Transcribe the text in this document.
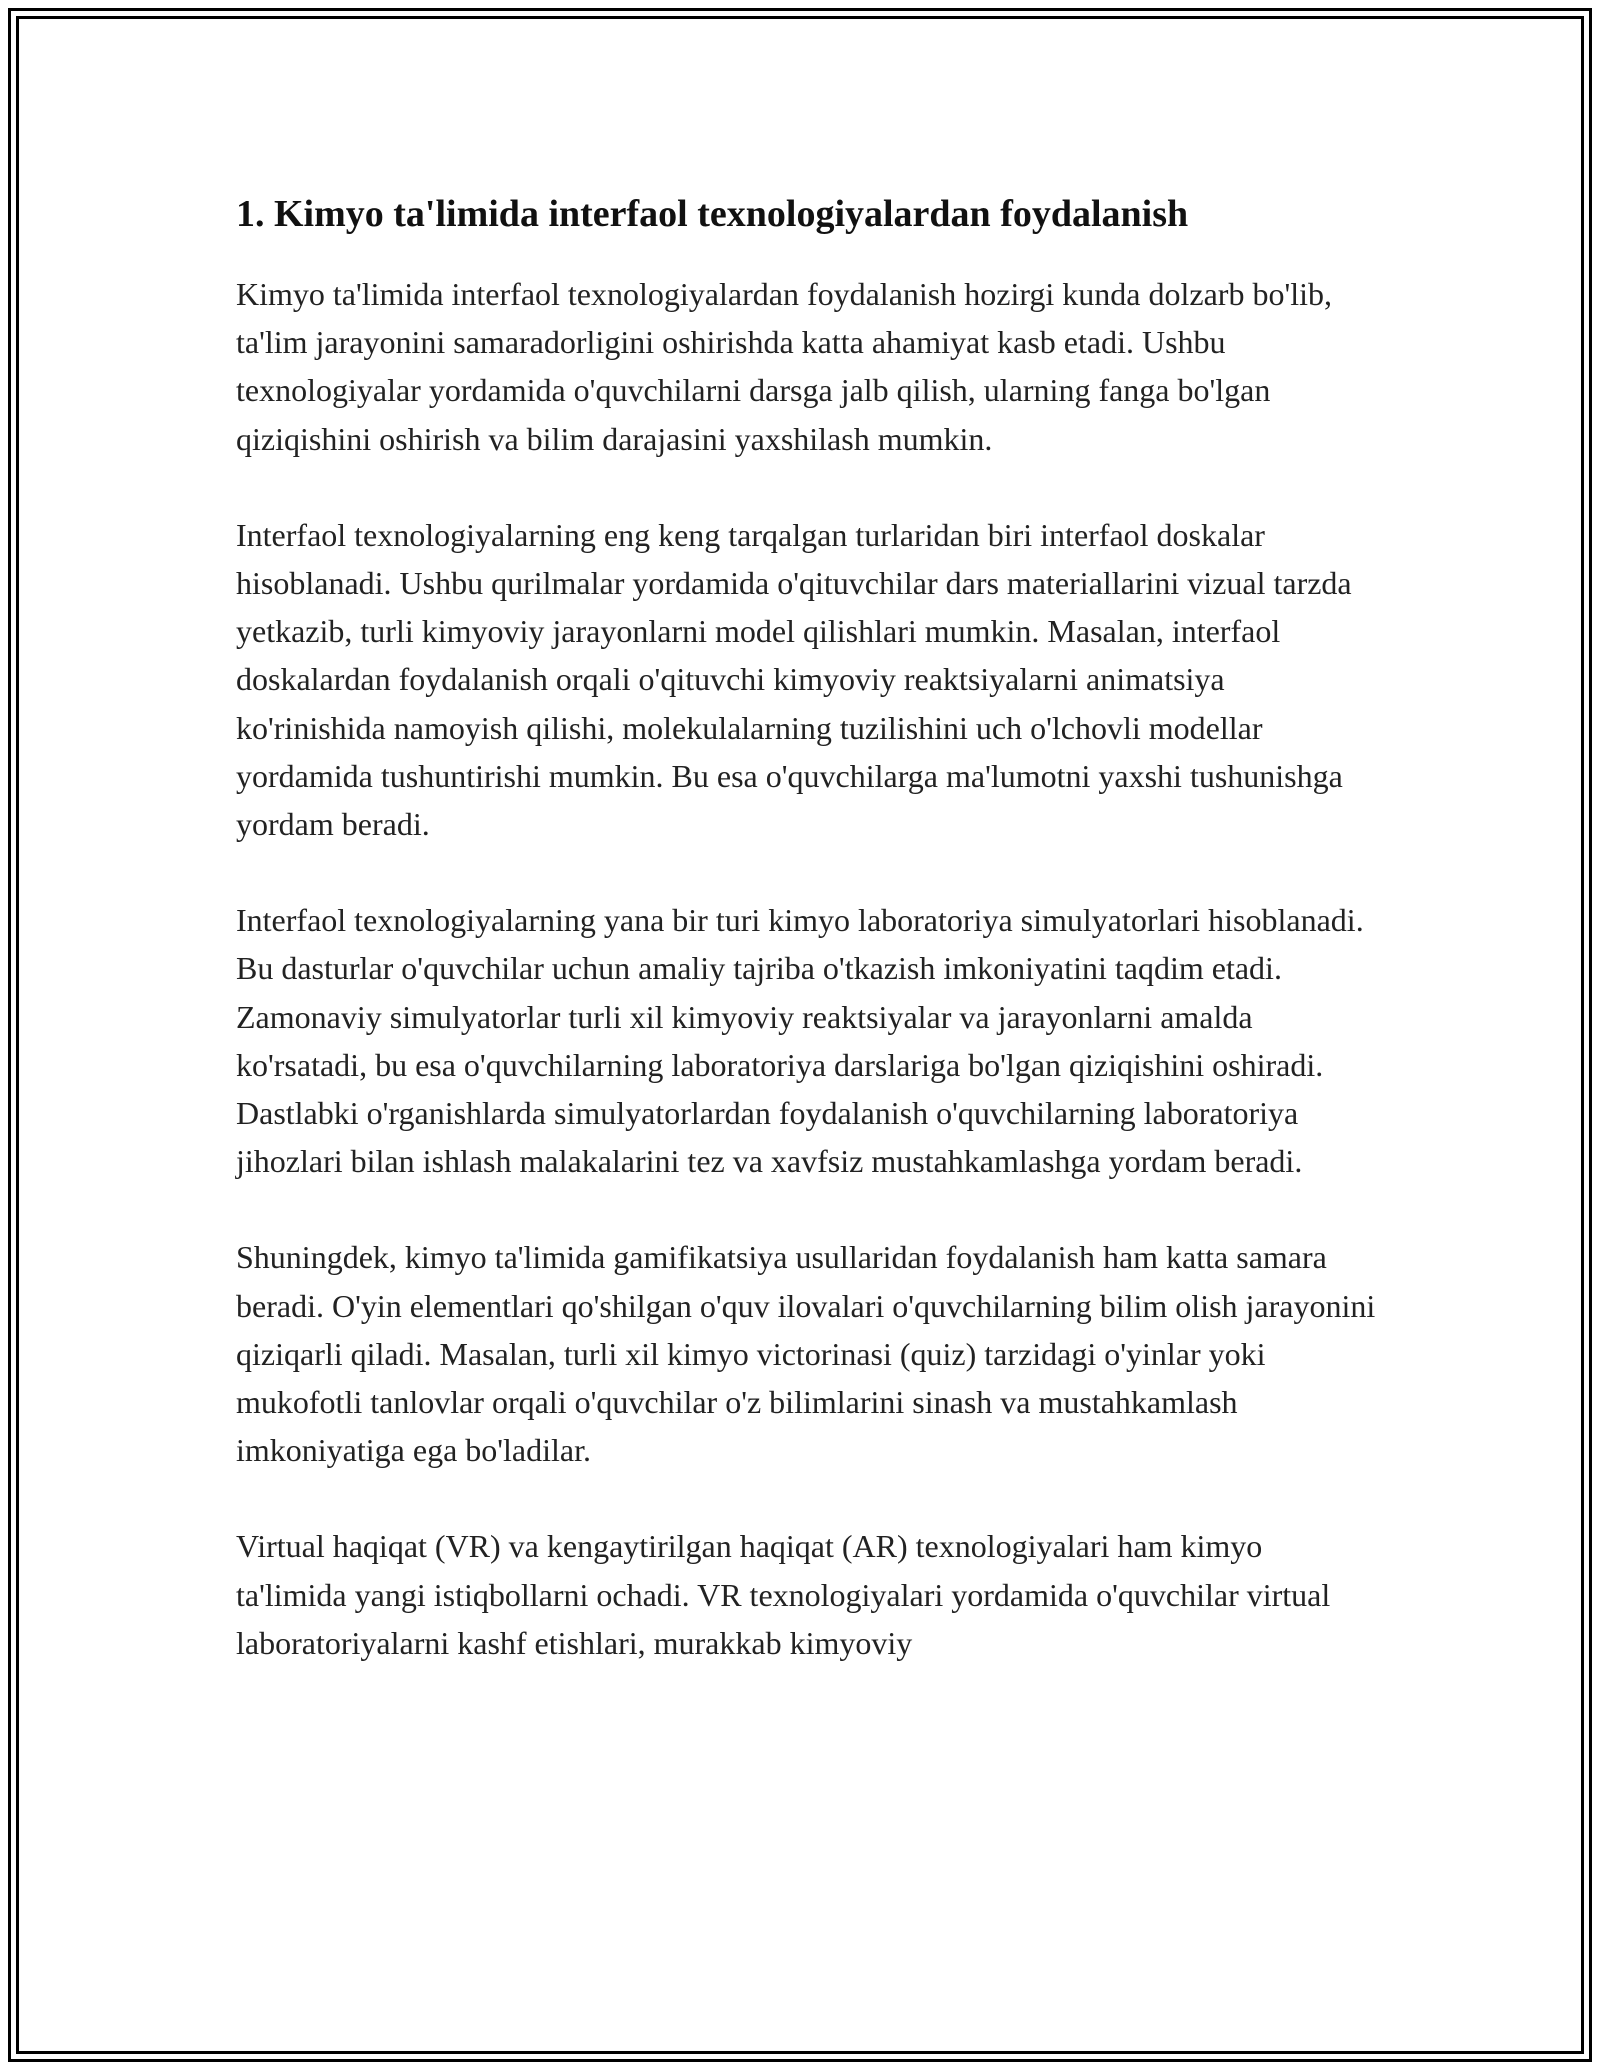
1. Kimyo ta'limida interfaol texnologiyalardan foydalanish

Kimyo ta'limida interfaol texnologiyalardan foydalanish hozirgi kunda dolzarb bo'lib, ta'lim jarayonini samaradorligini oshirishda katta ahamiyat kasb etadi. Ushbu texnologiyalar yordamida o'quvchilarni darsga jalb qilish, ularning fanga bo'lgan qiziqishini oshirish va bilim darajasini yaxshilash mumkin.

Interfaol texnologiyalarning eng keng tarqalgan turlaridan biri interfaol doskalar hisoblanadi. Ushbu qurilmalar yordamida o'qituvchilar dars materiallarini vizual tarzda yetkazib, turli kimyoviy jarayonlarni model qilishlari mumkin. Masalan, interfaol doskalardan foydalanish orqali o'qituvchi kimyoviy reaktsiyalarni animatsiya ko'rinishida namoyish qilishi, molekulalarning tuzilishini uch o'lchovli modellar yordamida tushuntirishi mumkin. Bu esa o'quvchilarga ma'lumotni yaxshi tushunishga yordam beradi.

Interfaol texnologiyalarning yana bir turi kimyo laboratoriya simulyatorlari hisoblanadi. Bu dasturlar o'quvchilar uchun amaliy tajriba o'tkazish imkoniyatini taqdim etadi. Zamonaviy simulyatorlar turli xil kimyoviy reaktsiyalar va jarayonlarni amalda ko'rsatadi, bu esa o'quvchilarning laboratoriya darslariga bo'lgan qiziqishini oshiradi. Dastlabki o'rganishlarda simulyatorlardan foydalanish o'quvchilarning laboratoriya jihozlari bilan ishlash malakalarini tez va xavfsiz mustahkamlashga yordam beradi.

Shuningdek, kimyo ta'limida gamifikatsiya usullaridan foydalanish ham katta samara beradi. O'yin elementlari qo'shilgan o'quv ilovalari o'quvchilarning bilim olish jarayonini qiziqarli qiladi. Masalan, turli xil kimyo victorinasi (quiz) tarzidagi o'yinlar yoki mukofotli tanlovlar orqali o'quvchilar o'z bilimlarini sinash va mustahkamlash imkoniyatiga ega bo'ladilar.

Virtual haqiqat (VR) va kengaytirilgan haqiqat (AR) texnologiyalari ham kimyo ta'limida yangi istiqbollarni ochadi. VR texnologiyalari yordamida o'quvchilar virtual laboratoriyalarni kashf etishlari, murakkab kimyoviy
